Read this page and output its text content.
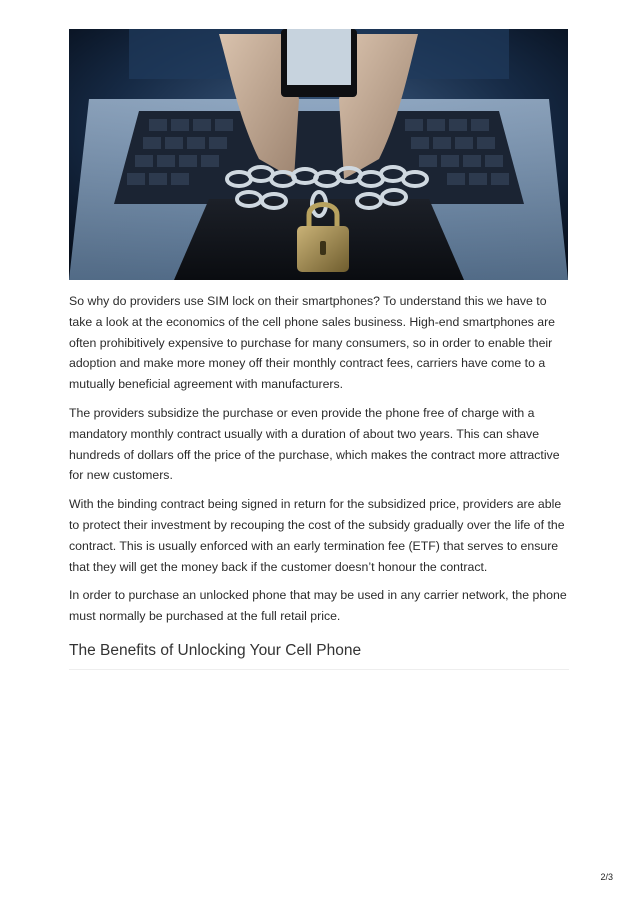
So why do providers use SIM lock on their smartphones? To understand this we have to take a look at the economics of the cell phone sales business. High-end smartphones are often prohibitively expensive to purchase for many consumers, so in order to enable their adoption and make more money off their monthly contract fees, carriers have come to a mutually beneficial agreement with manufacturers.

The providers subsidize the purchase or even provide the phone free of charge with a mandatory monthly contract usually with a duration of about two years. This can shave hundreds of dollars off the price of the purchase, which makes the contract more attractive for new customers.

With the binding contract being signed in return for the subsidized price, providers are able to protect their investment by recouping the cost of the subsidy gradually over the life of the contract. This is usually enforced with an early termination fee (ETF) that serves to ensure that they will get the money back if the customer doesn’t honour the contract.

In order to purchase an unlocked phone that may be used in any carrier network, the phone must normally be purchased at the full retail price.

The Benefits of Unlocking Your Cell Phone
2/3
